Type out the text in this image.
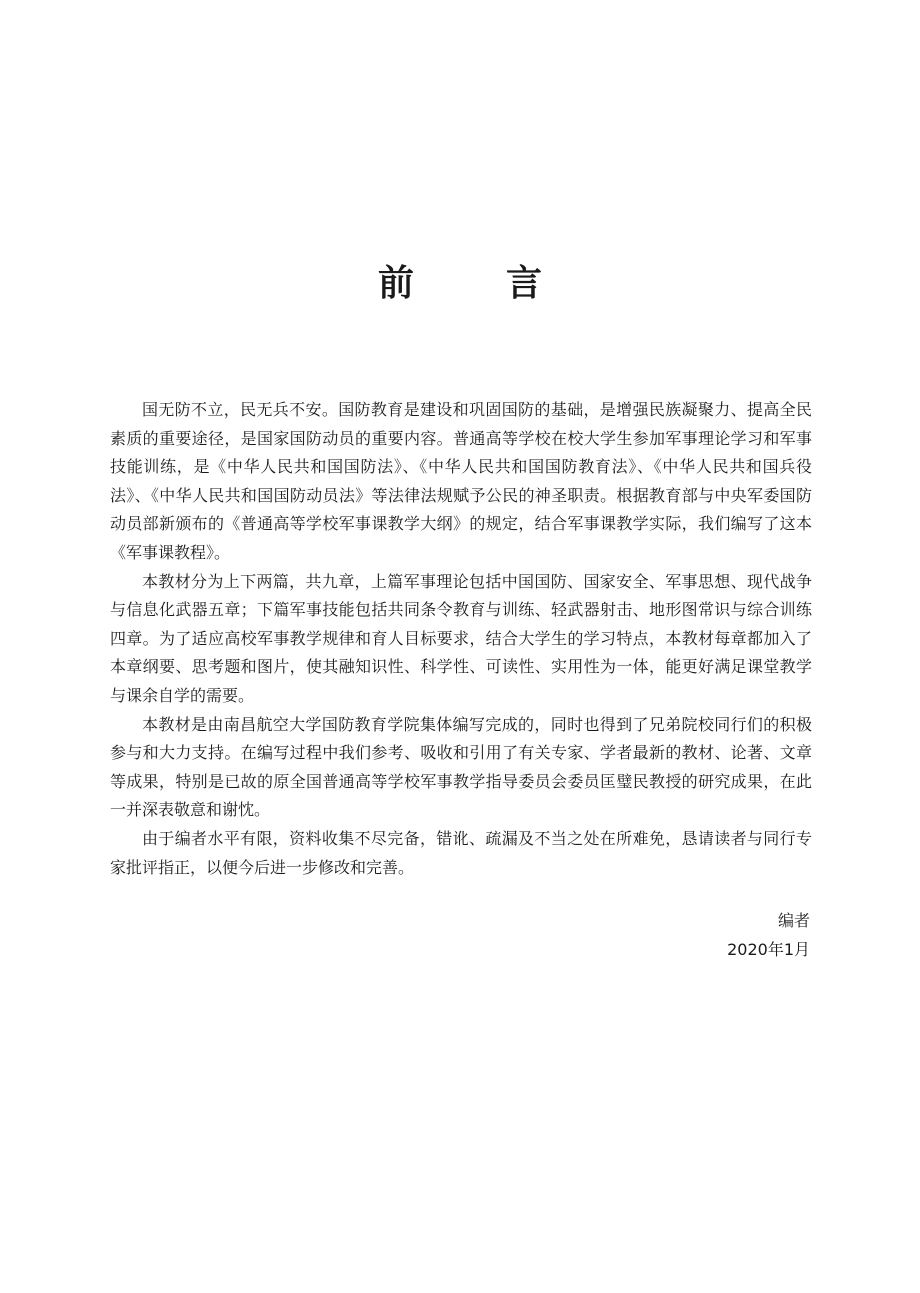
前　言

国无防不立，民无兵不安。国防教育是建设和巩固国防的基础，是增强民族凝聚力、提高全民素质的重要途径，是国家国防动员的重要内容。普通高等学校在校大学生参加军事理论学习和军事技能训练，是《中华人民共和国国防法》、《中华人民共和国国防教育法》、《中华人民共和国兵役法》、《中华人民共和国国防动员法》等法律法规赋予公民的神圣职责。根据教育部与中央军委国防动员部新颁布的《普通高等学校军事课教学大纲》的规定，结合军事课教学实际，我们编写了这本《军事课教程》。

本教材分为上下两篇，共九章，上篇军事理论包括中国国防、国家安全、军事思想、现代战争与信息化武器五章；下篇军事技能包括共同条令教育与训练、轻武器射击、地形图常识与综合训练四章。为了适应高校军事教学规律和育人目标要求，结合大学生的学习特点，本教材每章都加入了本章纲要、思考题和图片，使其融知识性、科学性、可读性、实用性为一体，能更好满足课堂教学与课余自学的需要。

本教材是由南昌航空大学国防教育学院集体编写完成的，同时也得到了兄弟院校同行们的积极参与和大力支持。在编写过程中我们参考、吸收和引用了有关专家、学者最新的教材、论著、文章等成果，特别是已故的原全国普通高等学校军事教学指导委员会委员匡璧民教授的研究成果，在此一并深表敬意和谢忱。

由于编者水平有限，资料收集不尽完备，错讹、疏漏及不当之处在所难免，恳请读者与同行专家批评指正，以便今后进一步修改和完善。

编者
2020年1月
